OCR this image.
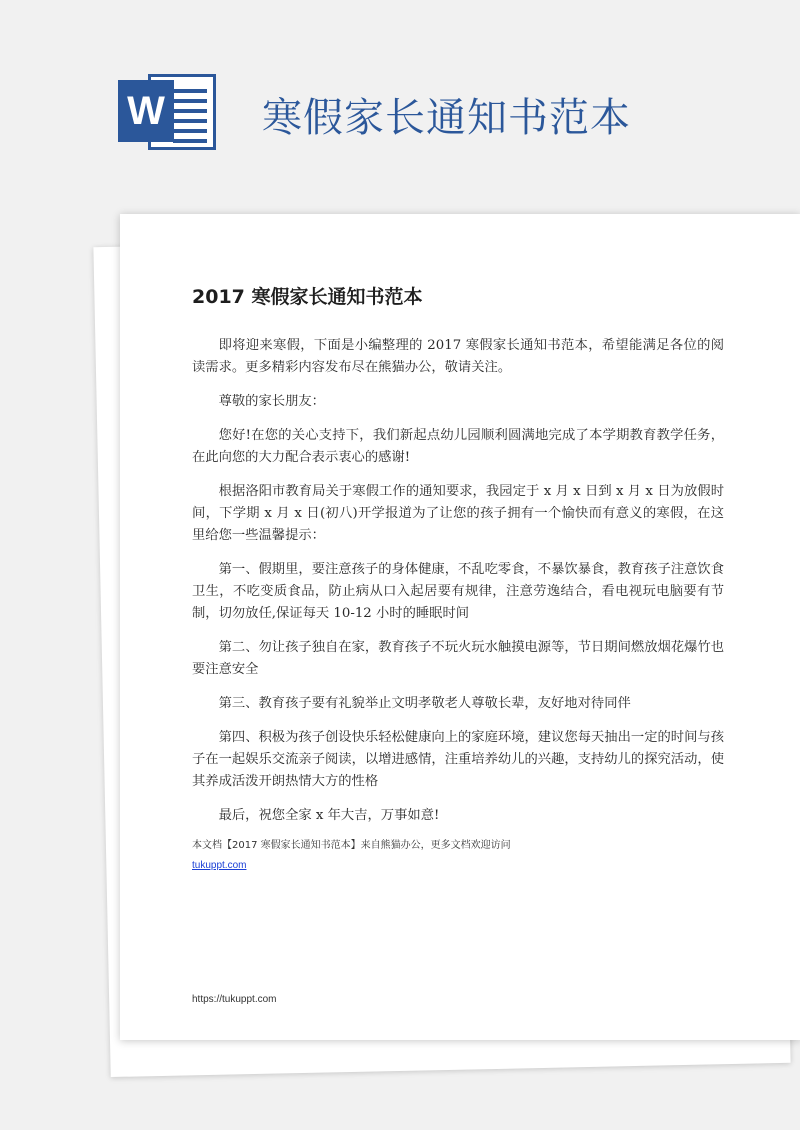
W 寒假家长通知书范本
2017 寒假家长通知书范本

即将迎来寒假，下面是小编整理的 2017 寒假家长通知书范本，希望能满足各位的阅读需求。更多精彩内容发布尽在熊猫办公，敬请关注。

尊敬的家长朋友：

您好!在您的关心支持下，我们新起点幼儿园顺利圆满地完成了本学期教育教学任务，在此向您的大力配合表示衷心的感谢!

根据洛阳市教育局关于寒假工作的通知要求，我园定于 x 月 x 日到 x 月 x 日为放假时间，下学期 x 月 x 日(初八)开学报道为了让您的孩子拥有一个愉快而有意义的寒假，在这里给您一些温馨提示：

第一、假期里，要注意孩子的身体健康，不乱吃零食，不暴饮暴食，教育孩子注意饮食卫生，不吃变质食品，防止病从口入起居要有规律，注意劳逸结合，看电视玩电脑要有节制，切勿放任,保证每天 10-12 小时的睡眠时间

第二、勿让孩子独自在家，教育孩子不玩火玩水触摸电源等，节日期间燃放烟花爆竹也要注意安全

第三、教育孩子要有礼貌举止文明孝敬老人尊敬长辈，友好地对待同伴

第四、积极为孩子创设快乐轻松健康向上的家庭环境，建议您每天抽出一定的时间与孩子在一起娱乐交流亲子阅读，以增进感情，注重培养幼儿的兴趣，支持幼儿的探究活动，使其养成活泼开朗热情大方的性格

最后，祝您全家 x 年大吉，万事如意!

本文档【2017 寒假家长通知书范本】来自熊猫办公，更多文档欢迎访问
tukuppt.com
https://tukuppt.com
